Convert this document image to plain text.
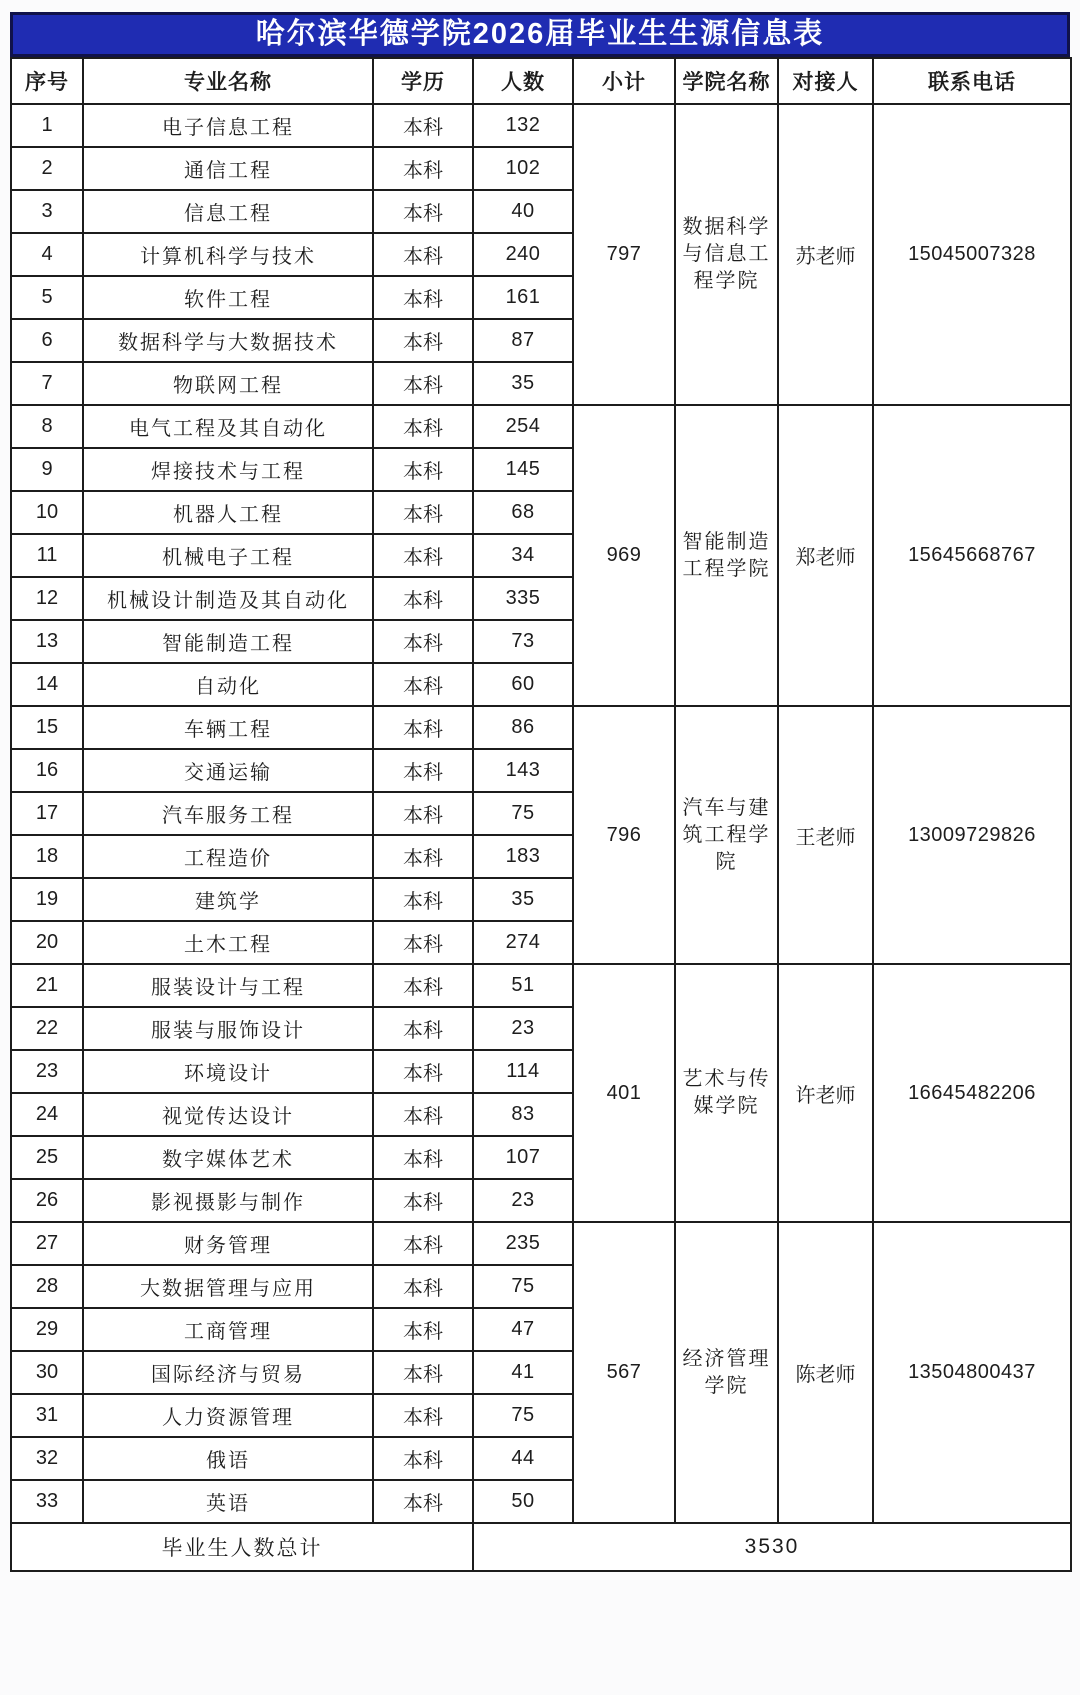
哈尔滨华德学院2026届毕业生生源信息表
序号	专业名称	学历	人数	小计	学院名称	对接人	联系电话
1	电子信息工程	本科	132	797	数据科学与信息工程学院	苏老师	15045007328
2	通信工程	本科	102				
3	信息工程	本科	40				
4	计算机科学与技术	本科	240				
5	软件工程	本科	161				
6	数据科学与大数据技术	本科	87				
7	物联网工程	本科	35				
8	电气工程及其自动化	本科	254	969	智能制造工程学院	郑老师	15645668767
9	焊接技术与工程	本科	145				
10	机器人工程	本科	68				
11	机械电子工程	本科	34				
12	机械设计制造及其自动化	本科	335				
13	智能制造工程	本科	73				
14	自动化	本科	60				
15	车辆工程	本科	86	796	汽车与建筑工程学院	王老师	13009729826
16	交通运输	本科	143				
17	汽车服务工程	本科	75				
18	工程造价	本科	183				
19	建筑学	本科	35				
20	土木工程	本科	274				
21	服装设计与工程	本科	51	401	艺术与传媒学院	许老师	16645482206
22	服装与服饰设计	本科	23				
23	环境设计	本科	114				
24	视觉传达设计	本科	83				
25	数字媒体艺术	本科	107				
26	影视摄影与制作	本科	23				
27	财务管理	本科	235	567	经济管理学院	陈老师	13504800437
28	大数据管理与应用	本科	75				
29	工商管理	本科	47				
30	国际经济与贸易	本科	41				
31	人力资源管理	本科	75				
32	俄语	本科	44				
33	英语	本科	50				
毕业生人数总计			3530				
